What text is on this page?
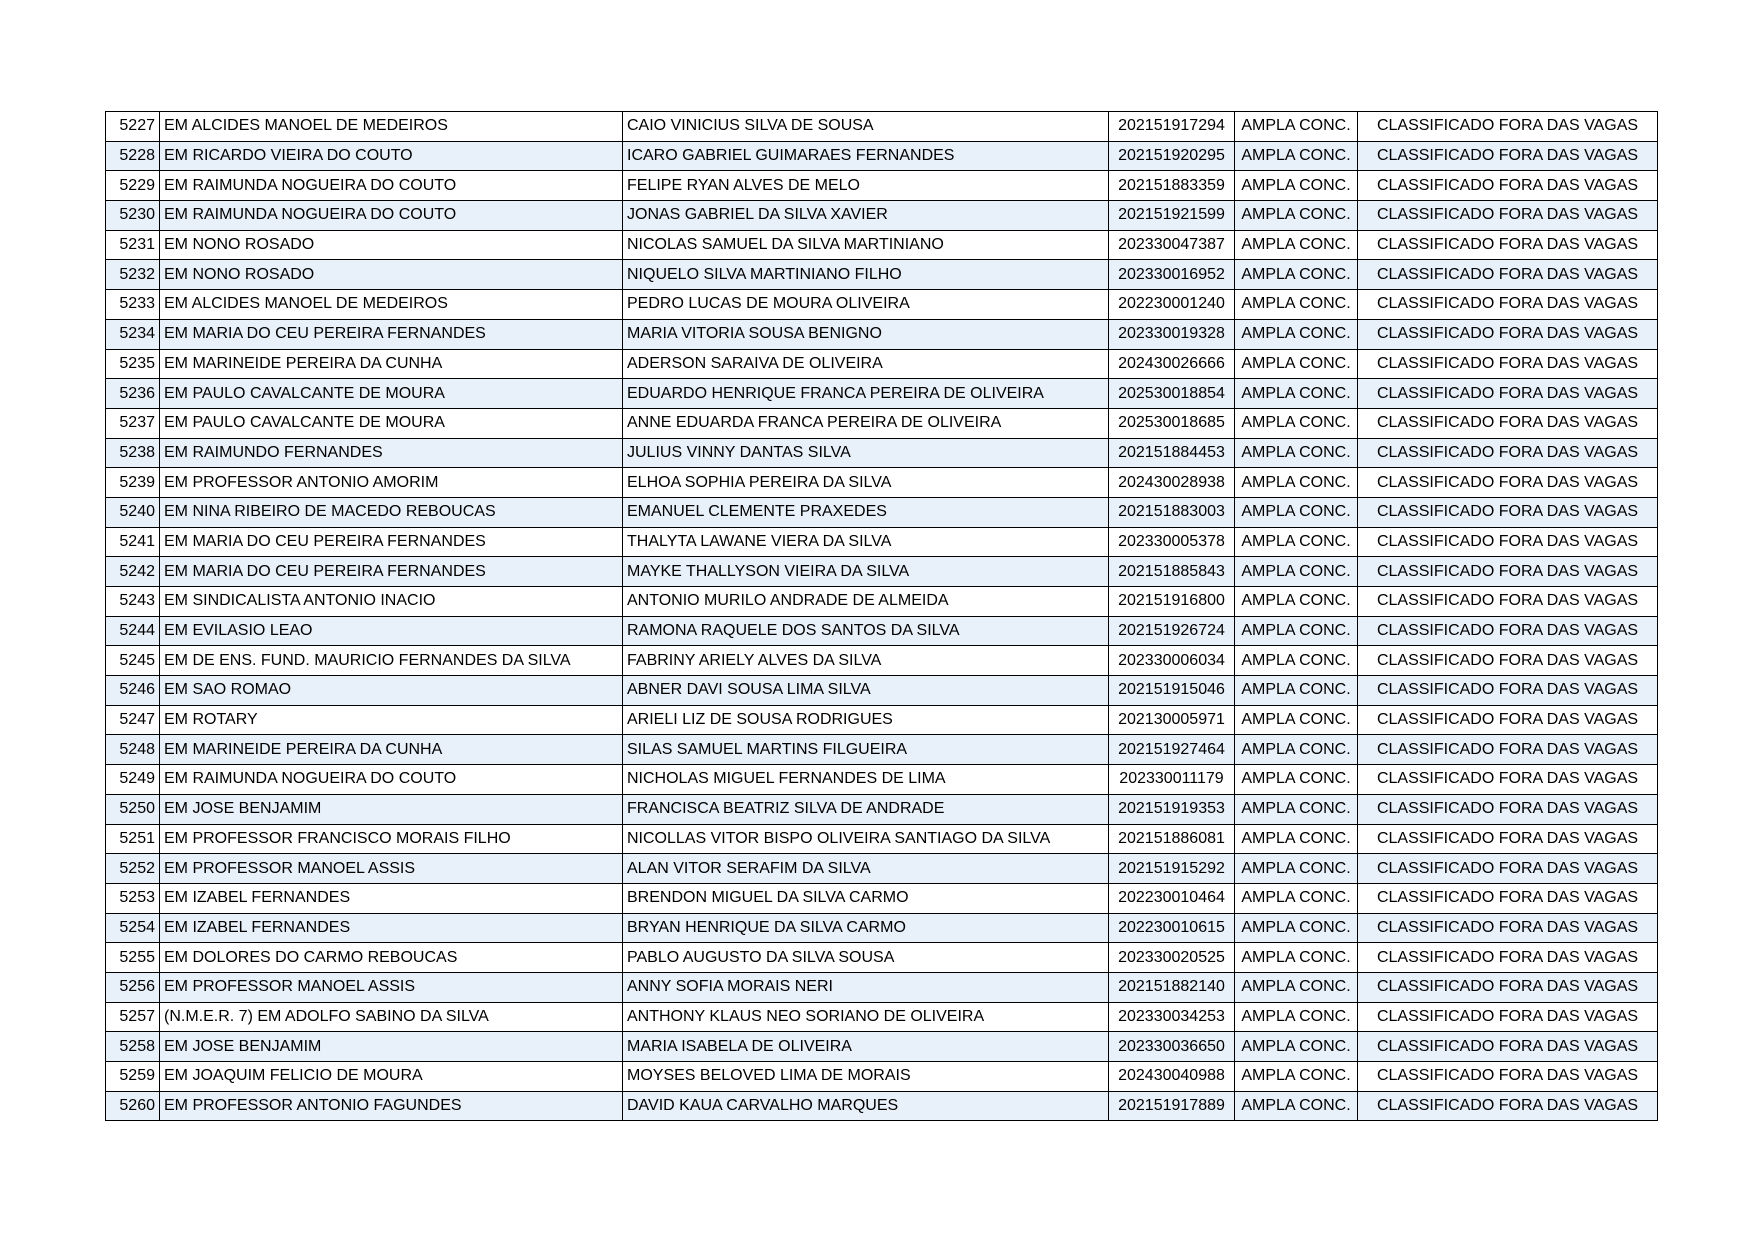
5227	EM ALCIDES MANOEL DE MEDEIROS	CAIO VINICIUS SILVA DE SOUSA	202151917294	AMPLA CONC.	CLASSIFICADO FORA DAS VAGAS
5228	EM RICARDO VIEIRA DO COUTO	ICARO GABRIEL GUIMARAES FERNANDES	202151920295	AMPLA CONC.	CLASSIFICADO FORA DAS VAGAS
5229	EM RAIMUNDA NOGUEIRA DO COUTO	FELIPE RYAN ALVES DE MELO	202151883359	AMPLA CONC.	CLASSIFICADO FORA DAS VAGAS
5230	EM RAIMUNDA NOGUEIRA DO COUTO	JONAS GABRIEL DA SILVA XAVIER	202151921599	AMPLA CONC.	CLASSIFICADO FORA DAS VAGAS
5231	EM NONO ROSADO	NICOLAS SAMUEL DA SILVA MARTINIANO	202330047387	AMPLA CONC.	CLASSIFICADO FORA DAS VAGAS
5232	EM NONO ROSADO	NIQUELO SILVA MARTINIANO FILHO	202330016952	AMPLA CONC.	CLASSIFICADO FORA DAS VAGAS
5233	EM ALCIDES MANOEL DE MEDEIROS	PEDRO LUCAS DE MOURA OLIVEIRA	202230001240	AMPLA CONC.	CLASSIFICADO FORA DAS VAGAS
5234	EM MARIA DO CEU PEREIRA FERNANDES	MARIA VITORIA SOUSA BENIGNO	202330019328	AMPLA CONC.	CLASSIFICADO FORA DAS VAGAS
5235	EM MARINEIDE PEREIRA DA CUNHA	ADERSON SARAIVA DE OLIVEIRA	202430026666	AMPLA CONC.	CLASSIFICADO FORA DAS VAGAS
5236	EM PAULO CAVALCANTE DE MOURA	EDUARDO HENRIQUE FRANCA PEREIRA DE OLIVEIRA	202530018854	AMPLA CONC.	CLASSIFICADO FORA DAS VAGAS
5237	EM PAULO CAVALCANTE DE MOURA	ANNE EDUARDA FRANCA PEREIRA DE OLIVEIRA	202530018685	AMPLA CONC.	CLASSIFICADO FORA DAS VAGAS
5238	EM RAIMUNDO FERNANDES	JULIUS VINNY DANTAS SILVA	202151884453	AMPLA CONC.	CLASSIFICADO FORA DAS VAGAS
5239	EM PROFESSOR ANTONIO AMORIM	ELHOA SOPHIA PEREIRA DA SILVA	202430028938	AMPLA CONC.	CLASSIFICADO FORA DAS VAGAS
5240	EM NINA RIBEIRO DE MACEDO REBOUCAS	EMANUEL CLEMENTE PRAXEDES	202151883003	AMPLA CONC.	CLASSIFICADO FORA DAS VAGAS
5241	EM MARIA DO CEU PEREIRA FERNANDES	THALYTA LAWANE VIERA DA SILVA	202330005378	AMPLA CONC.	CLASSIFICADO FORA DAS VAGAS
5242	EM MARIA DO CEU PEREIRA FERNANDES	MAYKE THALLYSON VIEIRA DA SILVA	202151885843	AMPLA CONC.	CLASSIFICADO FORA DAS VAGAS
5243	EM SINDICALISTA ANTONIO INACIO	ANTONIO MURILO ANDRADE DE ALMEIDA	202151916800	AMPLA CONC.	CLASSIFICADO FORA DAS VAGAS
5244	EM EVILASIO LEAO	RAMONA RAQUELE DOS SANTOS DA SILVA	202151926724	AMPLA CONC.	CLASSIFICADO FORA DAS VAGAS
5245	EM DE ENS. FUND. MAURICIO FERNANDES DA SILVA	FABRINY ARIELY ALVES DA SILVA	202330006034	AMPLA CONC.	CLASSIFICADO FORA DAS VAGAS
5246	EM SAO ROMAO	ABNER DAVI SOUSA LIMA SILVA	202151915046	AMPLA CONC.	CLASSIFICADO FORA DAS VAGAS
5247	EM ROTARY	ARIELI LIZ DE SOUSA RODRIGUES	202130005971	AMPLA CONC.	CLASSIFICADO FORA DAS VAGAS
5248	EM MARINEIDE PEREIRA DA CUNHA	SILAS SAMUEL MARTINS FILGUEIRA	202151927464	AMPLA CONC.	CLASSIFICADO FORA DAS VAGAS
5249	EM RAIMUNDA NOGUEIRA DO COUTO	NICHOLAS MIGUEL FERNANDES DE LIMA	202330011179	AMPLA CONC.	CLASSIFICADO FORA DAS VAGAS
5250	EM JOSE BENJAMIM	FRANCISCA BEATRIZ SILVA DE ANDRADE	202151919353	AMPLA CONC.	CLASSIFICADO FORA DAS VAGAS
5251	EM PROFESSOR FRANCISCO MORAIS FILHO	NICOLLAS VITOR BISPO OLIVEIRA SANTIAGO DA SILVA	202151886081	AMPLA CONC.	CLASSIFICADO FORA DAS VAGAS
5252	EM PROFESSOR MANOEL ASSIS	ALAN VITOR SERAFIM DA SILVA	202151915292	AMPLA CONC.	CLASSIFICADO FORA DAS VAGAS
5253	EM IZABEL FERNANDES	BRENDON MIGUEL DA SILVA CARMO	202230010464	AMPLA CONC.	CLASSIFICADO FORA DAS VAGAS
5254	EM IZABEL FERNANDES	BRYAN HENRIQUE DA SILVA CARMO	202230010615	AMPLA CONC.	CLASSIFICADO FORA DAS VAGAS
5255	EM DOLORES DO CARMO REBOUCAS	PABLO AUGUSTO DA SILVA SOUSA	202330020525	AMPLA CONC.	CLASSIFICADO FORA DAS VAGAS
5256	EM PROFESSOR MANOEL ASSIS	ANNY SOFIA MORAIS NERI	202151882140	AMPLA CONC.	CLASSIFICADO FORA DAS VAGAS
5257	(N.M.E.R. 7) EM ADOLFO SABINO DA SILVA	ANTHONY KLAUS NEO SORIANO DE OLIVEIRA	202330034253	AMPLA CONC.	CLASSIFICADO FORA DAS VAGAS
5258	EM JOSE BENJAMIM	MARIA ISABELA DE OLIVEIRA	202330036650	AMPLA CONC.	CLASSIFICADO FORA DAS VAGAS
5259	EM JOAQUIM FELICIO DE MOURA	MOYSES BELOVED LIMA DE MORAIS	202430040988	AMPLA CONC.	CLASSIFICADO FORA DAS VAGAS
5260	EM PROFESSOR ANTONIO FAGUNDES	DAVID KAUA CARVALHO MARQUES	202151917889	AMPLA CONC.	CLASSIFICADO FORA DAS VAGAS
